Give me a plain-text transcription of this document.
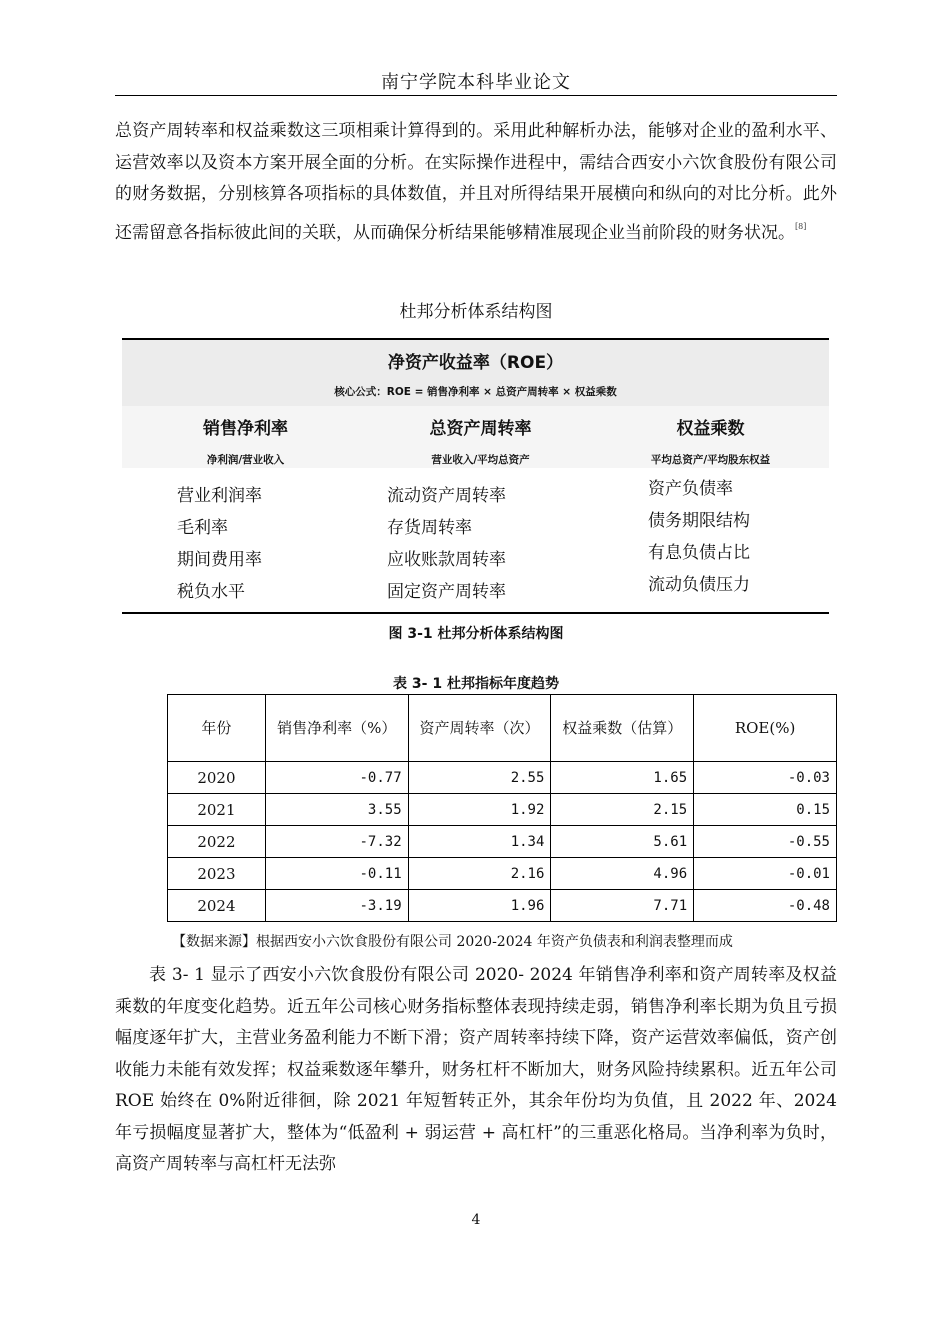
南宁学院本科毕业论文

总资产周转率和权益乘数这三项相乘计算得到的。采用此种解析办法，能够对企业的盈利水平、运营效率以及资本方案开展全面的分析。在实际操作进程中，需结合西安小六饮食股份有限公司的财务数据，分别核算各项指标的具体数值，并且对所得结果开展横向和纵向的对比分析。此外还需留意各指标彼此间的关联，从而确保分析结果能够精准展现企业当前阶段的财务状况。[8]

杜邦分析体系结构图
净资产收益率（ROE）
核心公式：ROE = 销售净利率 × 总资产周转率 × 权益乘数
销售净利率
净利润/营业收入
总资产周转率
营业收入/平均总资产
权益乘数
平均总资产/平均股东权益
营业利润率
毛利率
期间费用率
税负水平
流动资产周转率
存货周转率
应收账款周转率
固定资产周转率
资产负债率
债务期限结构
有息负债占比
流动负债压力
图 3-1 杜邦分析体系结构图
表 3- 1 杜邦指标年度趋势
年份	销售净利率（%）	资产周转率（次）	权益乘数（估算）	ROE(%)
2020	-0.77	2.55	1.65	-0.03
2021	3.55	1.92	2.15	0.15
2022	-7.32	1.34	5.61	-0.55
2023	-0.11	2.16	4.96	-0.01
2024	-3.19	1.96	7.71	-0.48
【数据来源】根据西安小六饮食股份有限公司 2020-2024 年资产负债表和利润表整理而成

表 3- 1 显示了西安小六饮食股份有限公司 2020- 2024 年销售净利率和资产周转率及权益乘数的年度变化趋势。近五年公司核心财务指标整体表现持续走弱，销售净利率长期为负且亏损幅度逐年扩大，主营业务盈利能力不断下滑；资产周转率持续下降，资产运营效率偏低，资产创收能力未能有效发挥；权益乘数逐年攀升，财务杠杆不断加大，财务风险持续累积。近五年公司 ROE 始终在 0%附近徘徊，除 2021 年短暂转正外，其余年份均为负值，且 2022 年、2024 年亏损幅度显著扩大，整体为“低盈利 + 弱运营 + 高杠杆”的三重恶化格局。当净利率为负时，高资产周转率与高杠杆无法弥

4
